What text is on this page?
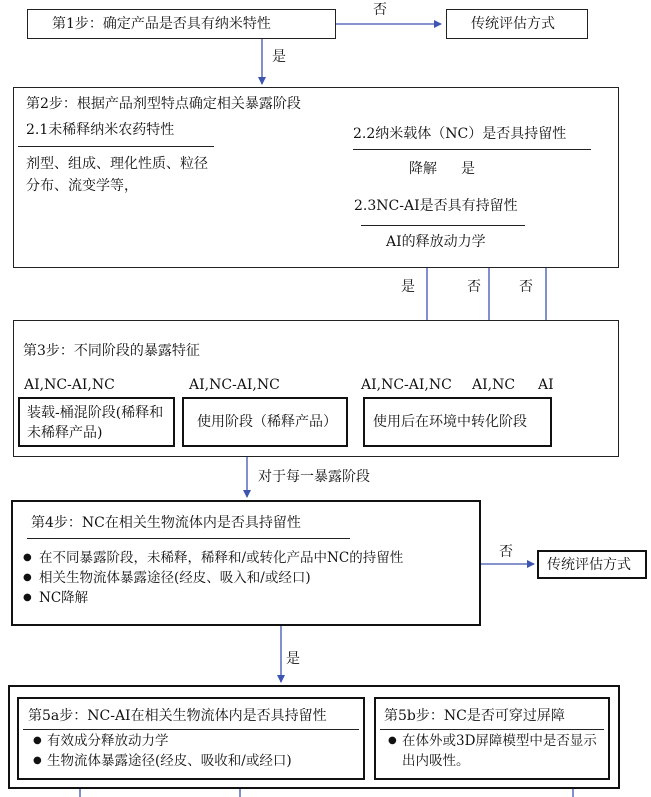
第1步：确定产品是否具有纳米特性	传统评估方式
否
是
第2步：根据产品剂型特点确定相关暴露阶段
2.1未稀释纳米农药特性
剂型、组成、理化性质、粒径分布、流变学等，
2.2纳米载体（NC）是否具持留性
降解 是
2.3NC-AI是否具有持留性
AI的释放动力学
是	否	否
第3步：不同阶段的暴露特征
AI,NC-AI,NC	AI,NC-AI,NC	AI,NC-AI,NC AI,NC AI
装载-桶混阶段(稀释和未稀释产品)
使用阶段（稀释产品）	使用后在环境中转化阶段
对于每一暴露阶段
第4步：NC在相关生物流体内是否具持留性
● 在不同暴露阶段，未稀释，稀释和/或转化产品中NC的持留性
● 相关生物流体暴露途径(经皮、吸入和/或经口)
● NC降解
否
传统评估方式
是
第5a步：NC-AI在相关生物流体内是否具持留性
● 有效成分释放动力学
● 生物流体暴露途径(经皮、吸收和/或经口)
第5b步：NC是否可穿过屏障
● 在体外或3D屏障模型中是否显示出内吸性。
